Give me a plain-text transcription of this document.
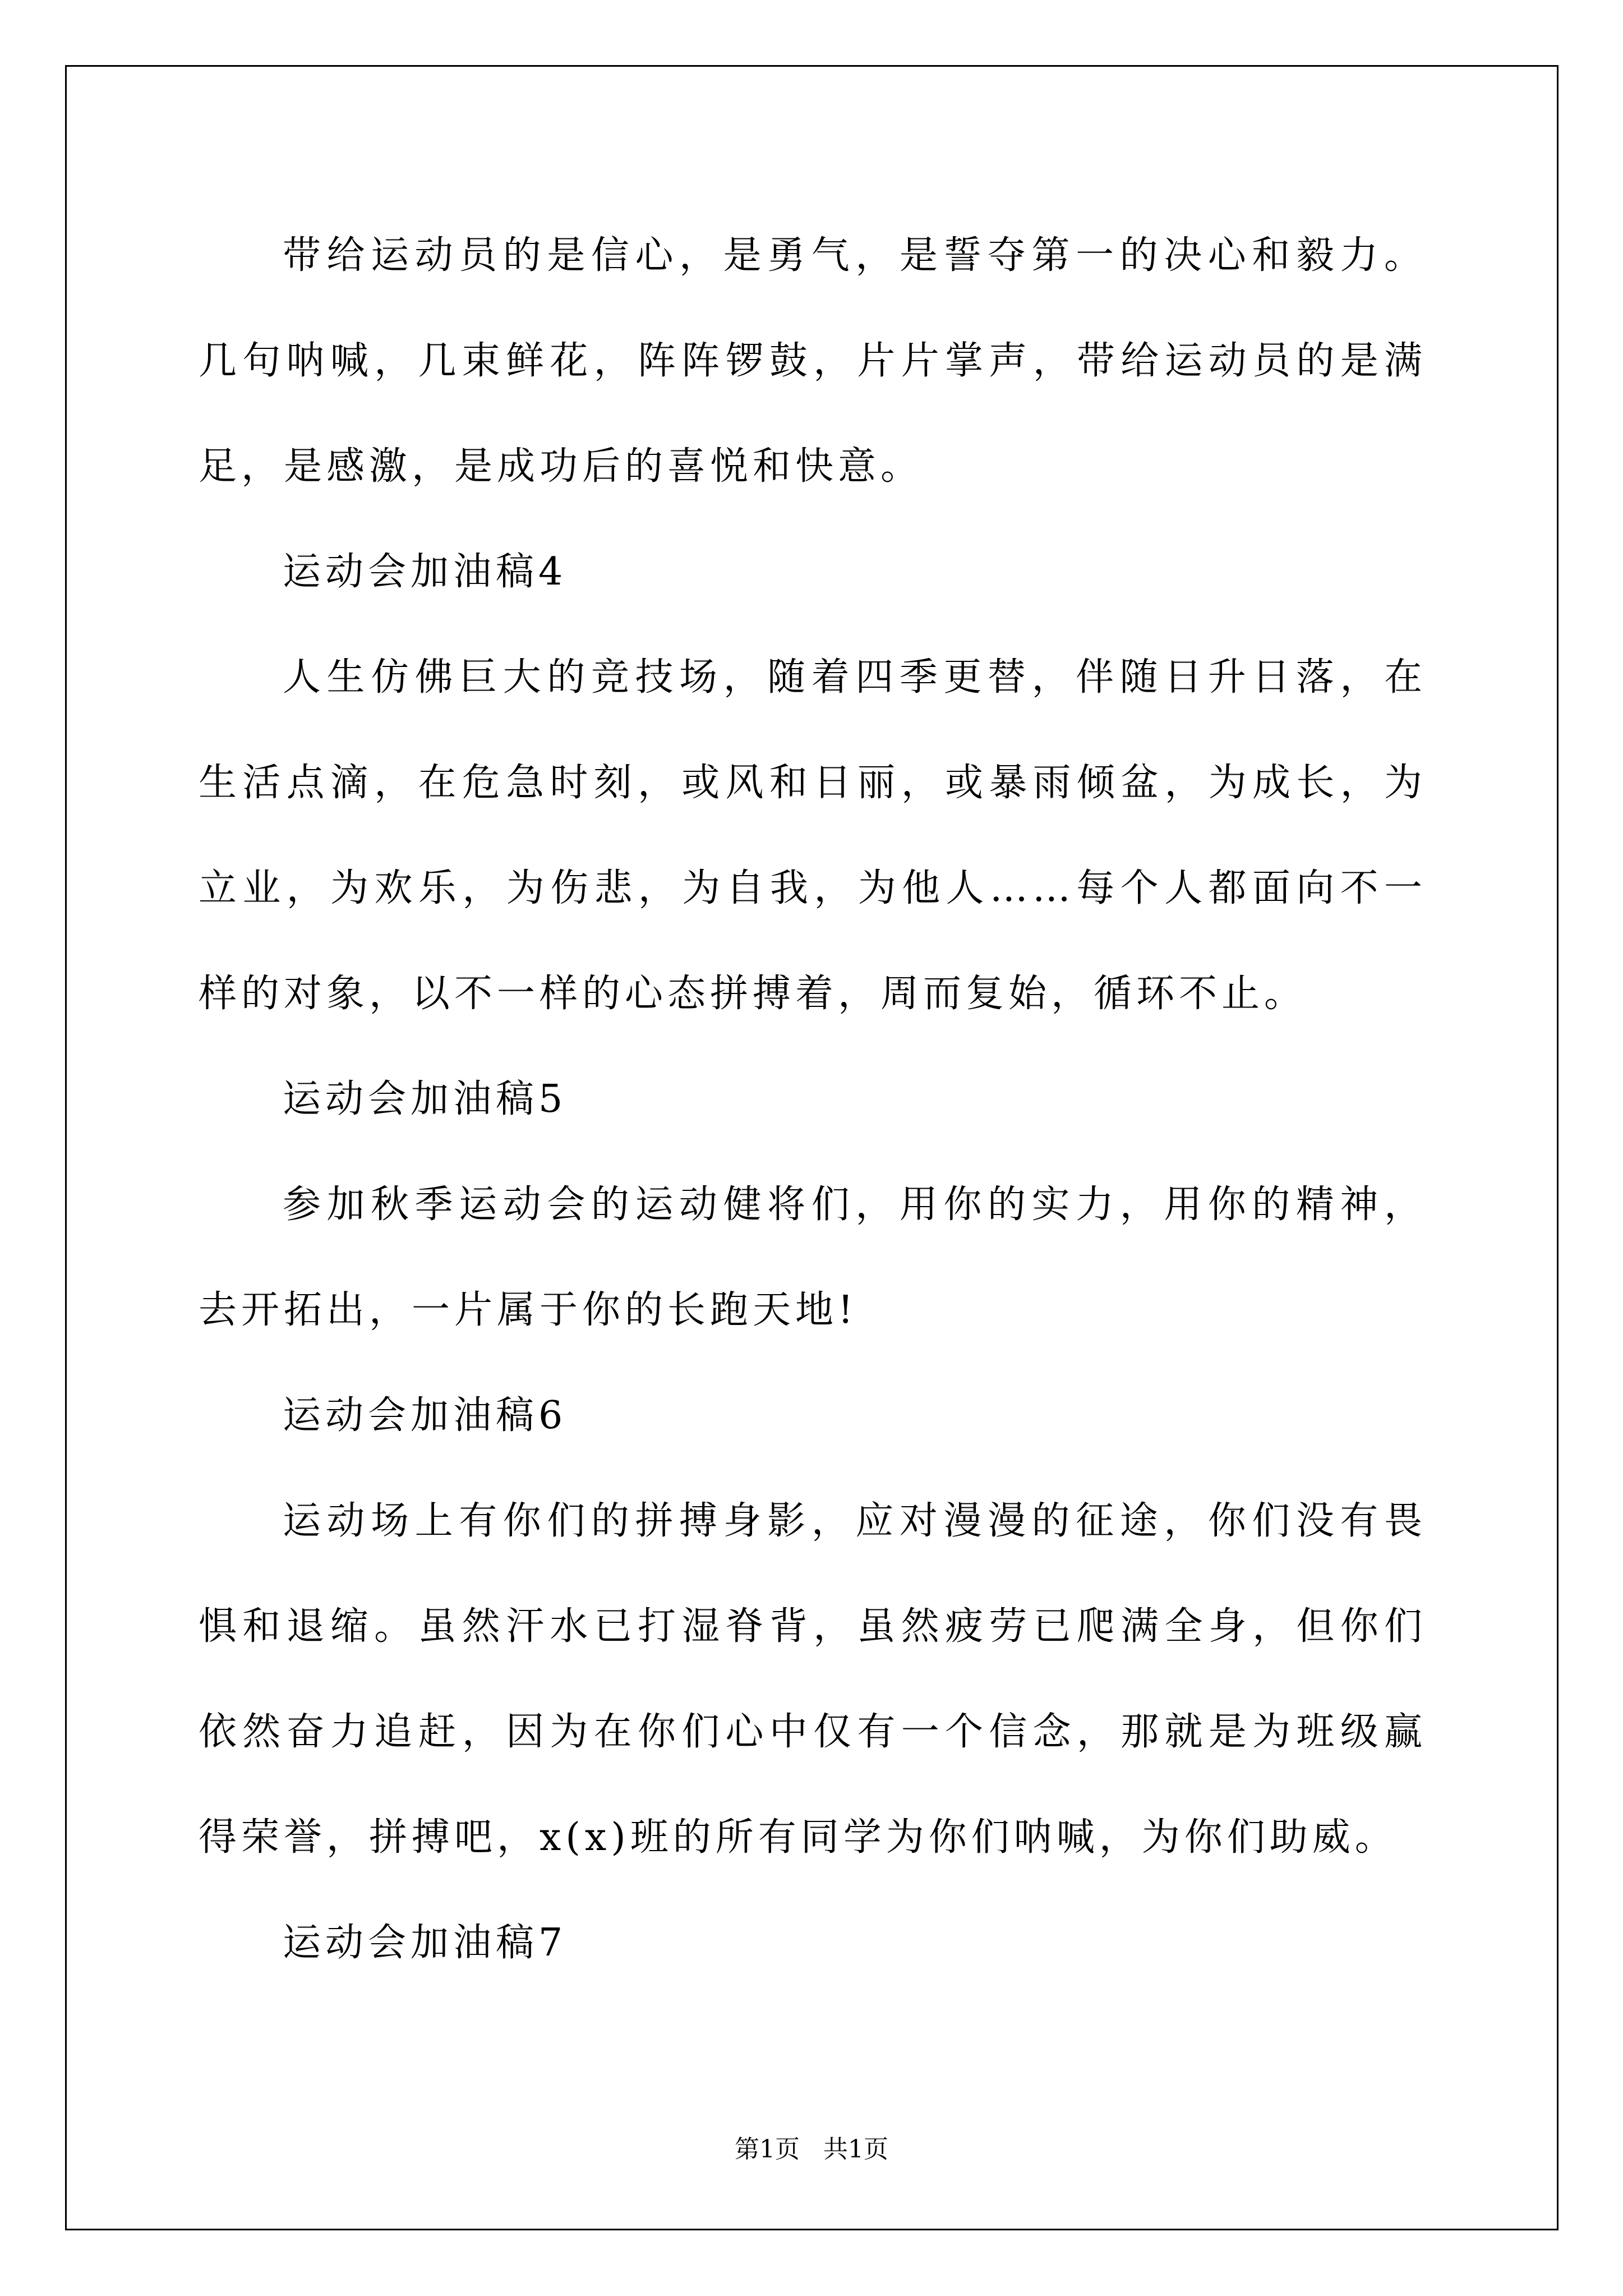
带给运动员的是信心，是勇气，是誓夺第一的决心和毅力。几句呐喊，几束鲜花，阵阵锣鼓，片片掌声，带给运动员的是满足，是感激，是成功后的喜悦和快意。

运动会加油稿4

人生仿佛巨大的竞技场，随着四季更替，伴随日升日落，在生活点滴，在危急时刻，或风和日丽，或暴雨倾盆，为成长，为立业，为欢乐，为伤悲，为自我，为他人……每个人都面向不一样的对象，以不一样的心态拼搏着，周而复始，循环不止。

运动会加油稿5

参加秋季运动会的运动健将们，用你的实力，用你的精神，去开拓出，一片属于你的长跑天地!

运动会加油稿6

运动场上有你们的拼搏身影，应对漫漫的征途，你们没有畏惧和退缩。虽然汗水已打湿脊背，虽然疲劳已爬满全身，但你们依然奋力追赶，因为在你们心中仅有一个信念，那就是为班级赢得荣誉，拼搏吧，x(x)班的所有同学为你们呐喊，为你们助威。

运动会加油稿7

第1页   共1页
